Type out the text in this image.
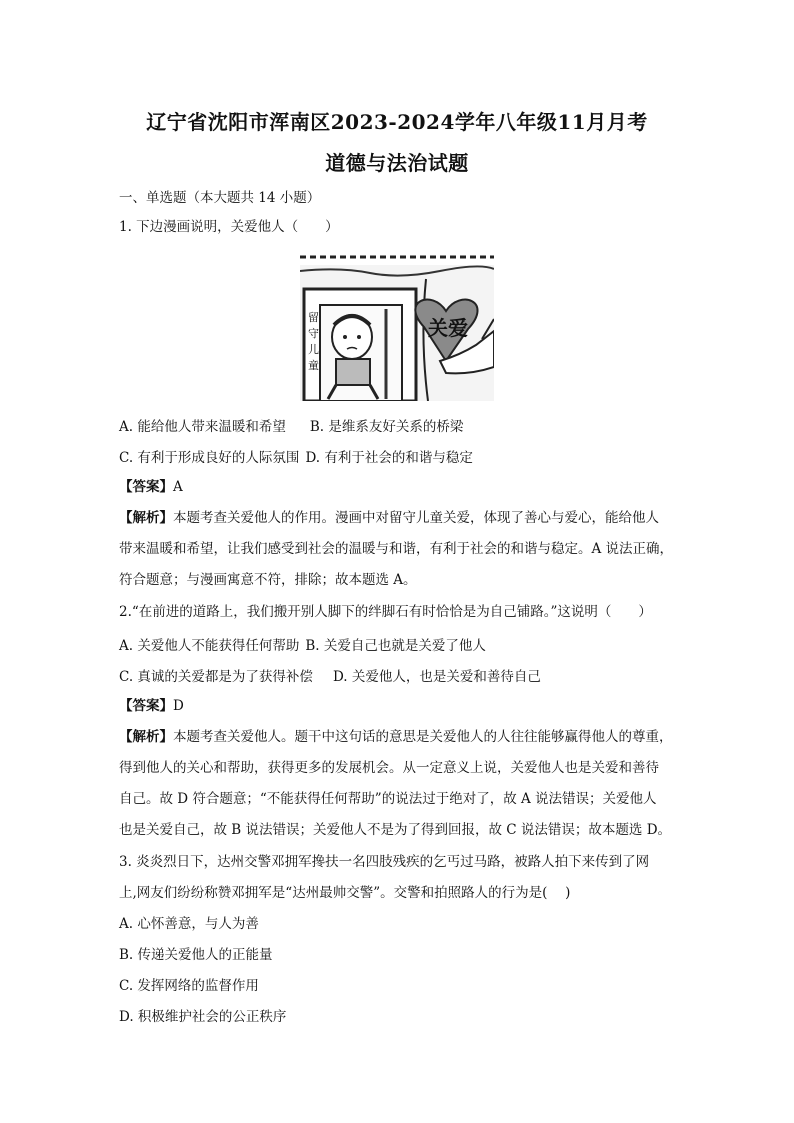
辽宁省沈阳市浑南区2023-2024学年八年级11月月考
道德与法治试题
一、单选题（本大题共 14 小题）
1. 下边漫画说明，关爱他人（　　）
留
守
儿
童
关爱
A. 能给他人带来温暖和希望 B. 是维系友好关系的桥梁
C. 有利于形成良好的人际氛围 D. 有利于社会的和谐与稳定
【答案】A
【解析】本题考查关爱他人的作用。漫画中对留守儿童关爱，体现了善心与爱心，能给他人
带来温暖和希望，让我们感受到社会的温暖与和谐，有利于社会的和谐与稳定。A 说法正确，
符合题意；与漫画寓意不符，排除；故本题选 A。
2.“在前进的道路上，我们搬开别人脚下的绊脚石有时恰恰是为自己铺路。”这说明（　　）
A. 关爱他人不能获得任何帮助 B. 关爱自己也就是关爱了他人
C. 真诚的关爱都是为了获得补偿 D. 关爱他人，也是关爱和善待自己
【答案】D
【解析】本题考查关爱他人。题干中这句话的意思是关爱他人的人往往能够赢得他人的尊重，
得到他人的关心和帮助，获得更多的发展机会。从一定意义上说，关爱他人也是关爱和善待
自己。故 D 符合题意；“不能获得任何帮助”的说法过于绝对了，故 A 说法错误；关爱他人
也是关爱自己，故 B 说法错误；关爱他人不是为了得到回报，故 C 说法错误；故本题选 D。
3. 炎炎烈日下，达州交警邓拥军搀扶一名四肢残疾的乞丐过马路，被路人拍下来传到了网
上,网友们纷纷称赞邓拥军是“达州最帅交警”。交警和拍照路人的行为是(　 )
A. 心怀善意，与人为善
B. 传递关爱他人的正能量
C. 发挥网络的监督作用
D. 积极维护社会的公正秩序
